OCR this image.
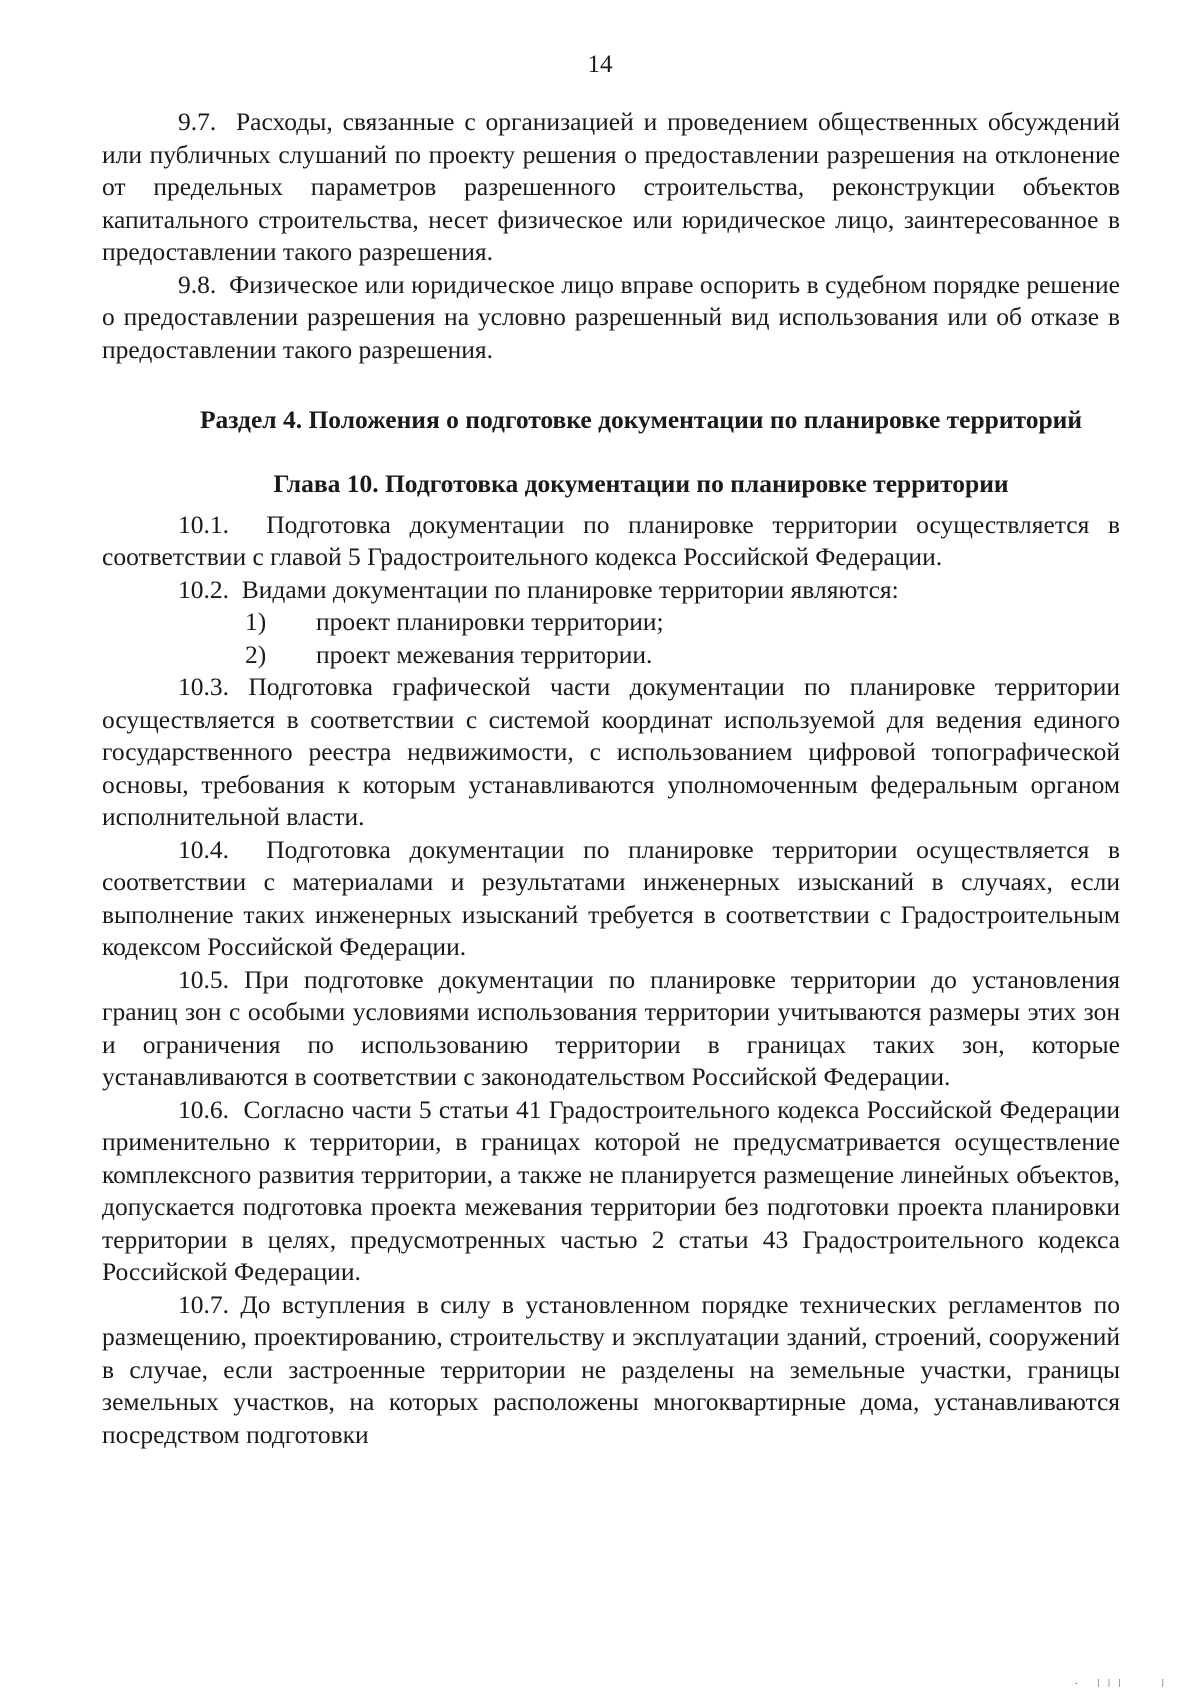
14

9.7. Расходы, связанные с организацией и проведением общественных обсуждений или публичных слушаний по проекту решения о предоставлении разрешения на отклонение от предельных параметров разрешенного строительства, реконструкции объектов капитального строительства, несет физическое или юридическое лицо, заинтересованное в предоставлении такого разрешения.

9.8. Физическое или юридическое лицо вправе оспорить в судебном порядке решение о предоставлении разрешения на условно разрешенный вид использования или об отказе в предоставлении такого разрешения.

Раздел 4. Положения о подготовке документации по планировке территорий
Глава 10. Подготовка документации по планировке территории

10.1. Подготовка документации по планировке территории осуществляется в соответствии с главой 5 Градостроительного кодекса Российской Федерации.

10.2. Видами документации по планировке территории являются:

1)	проект планировки территории;
2)	проект межевания территории.

10.3. Подготовка графической части документации по планировке территории осуществляется в соответствии с системой координат используемой для ведения единого государственного реестра недвижимости, с использованием цифровой топографической основы, требования к которым устанавливаются уполномоченным федеральным органом исполнительной власти.

10.4. Подготовка документации по планировке территории осуществляется в соответствии с материалами и результатами инженерных изысканий в случаях, если выполнение таких инженерных изысканий требуется в соответствии с Градостроительным кодексом Российской Федерации.

10.5. При подготовке документации по планировке территории до установления границ зон с особыми условиями использования территории учитываются размеры этих зон и ограничения по использованию территории в границах таких зон, которые устанавливаются в соответствии с законодательством Российской Федерации.

10.6. Согласно части 5 статьи 41 Градостроительного кодекса Российской Федерации применительно к территории, в границах которой не предусматривается осуществление комплексного развития территории, а также не планируется размещение линейных объектов, допускается подготовка проекта межевания территории без подготовки проекта планировки территории в целях, предусмотренных частью 2 статьи 43 Градостроительного кодекса Российской Федерации.

10.7. До вступления в силу в установленном порядке технических регламентов по размещению, проектированию, строительству и эксплуатации зданий, строений, сооружений в случае, если застроенные территории не разделены на земельные участки, границы земельных участков, на которых расположены многоквартирные дома, устанавливаются посредством подготовки

· ǀǀǀ   ǀ
